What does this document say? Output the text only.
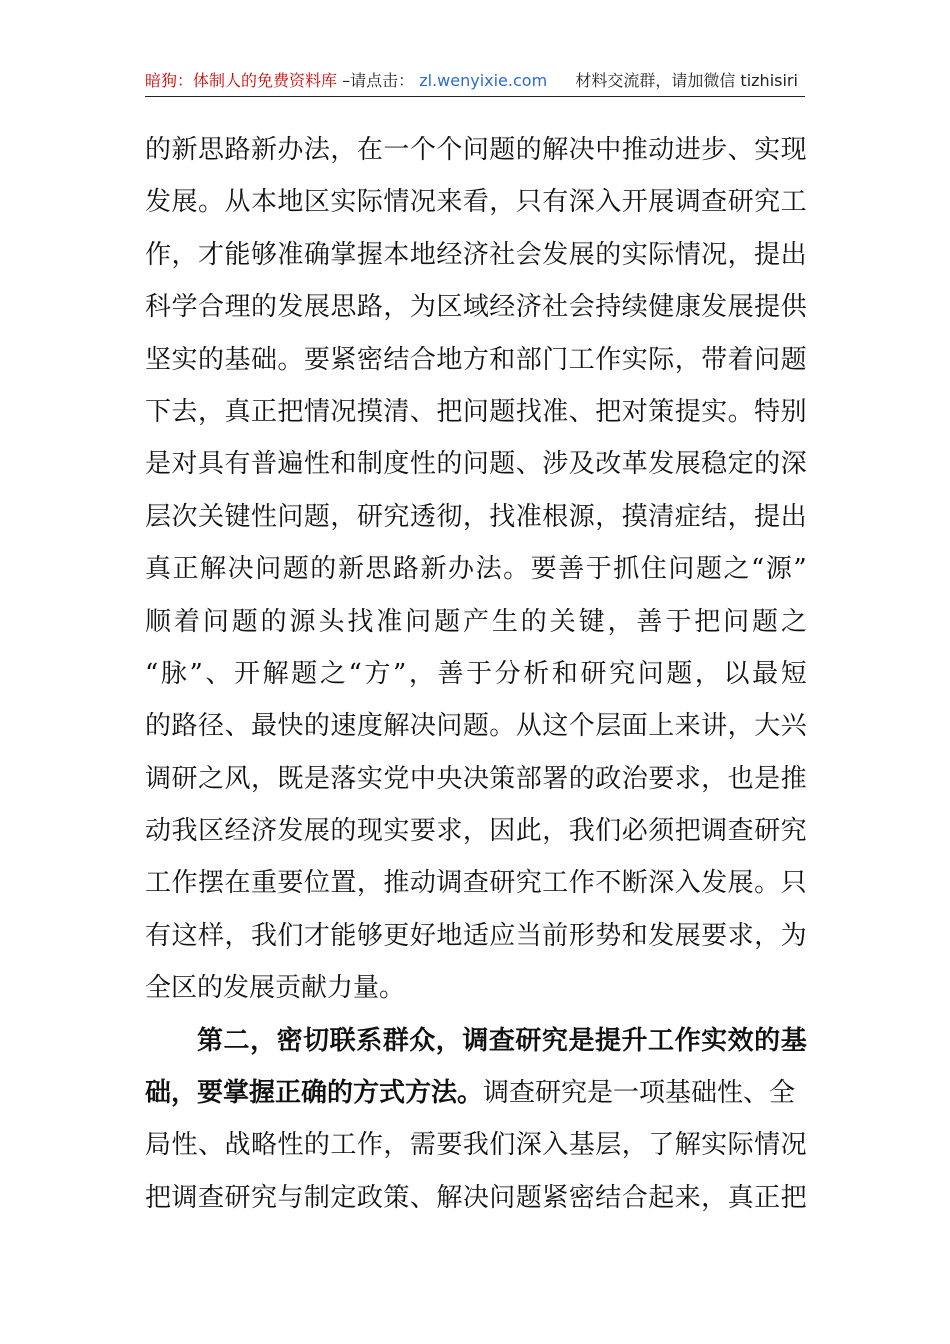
暗狗：体制人的免费资料库 –请点击： zl.wenyixie.com 材料交流群，请加微信 tizhisiri
的 新 思 路 新 办 法 ， 在 一 个 个 问 题 的 解 决 中 推 动 进 步 、 实 现
发 展 。 从 本 地 区 实 际 情 况 来 看 ， 只 有 深 入 开 展 调 查 研 究 工
作 ， 才 能 够 准 确 掌 握 本 地 经 济 社 会 发 展 的 实 际 情 况 ， 提 出
科 学 合 理 的 发 展 思 路 ， 为 区 域 经 济 社 会 持 续 健 康 发 展 提 供
坚 实 的 基 础 。 要 紧 密 结 合 地 方 和 部 门 工 作 实 际 ， 带 着 问 题
下 去 ， 真 正 把 情 况 摸 清 、 把 问 题 找 准 、 把 对 策 提 实 。 特 别
是 对 具 有 普 遍 性 和 制 度 性 的 问 题 、 涉 及 改 革 发 展 稳 定 的 深
层 次 关 键 性 问 题 ， 研 究 透 彻 ， 找 准 根 源 ， 摸 清 症 结 ， 提 出
真 正 解 决 问 题 的 新 思 路 新 办 法 。 要 善 于 抓 住 问 题 之 “ 源 ”
顺 着 问 题 的 源 头 找 准 问 题 产 生 的 关 键 ， 善 于 把 问 题 之
“ 脉 ” 、 开 解 题 之 “ 方 ” ， 善 于 分 析 和 研 究 问 题 ， 以 最 短
的 路 径 、 最 快 的 速 度 解 决 问 题 。 从 这 个 层 面 上 来 讲 ， 大 兴
调 研 之 风 ， 既 是 落 实 党 中 央 决 策 部 署 的 政 治 要 求 ， 也 是 推
动 我 区 经 济 发 展 的 现 实 要 求 ， 因 此 ， 我 们 必 须 把 调 查 研 究
工 作 摆 在 重 要 位 置 ， 推 动 调 查 研 究 工 作 不 断 深 入 发 展 。 只
有 这 样 ， 我 们 才 能 够 更 好 地 适 应 当 前 形 势 和 发 展 要 求 ， 为
全区的发展贡献力量。
第 二 ， 密 切 联 系 群 众 ， 调 查 研 究 是 提 升 工 作 实 效 的 基
础，要掌握正确的方式方法。 调查研究是一项基础性、全
局 性 、 战 略 性 的 工 作 ， 需 要 我 们 深 入 基 层 ， 了 解 实 际 情 况
把 调 查 研 究 与 制 定 政 策 、 解 决 问 题 紧 密 结 合 起 来 ， 真 正 把
